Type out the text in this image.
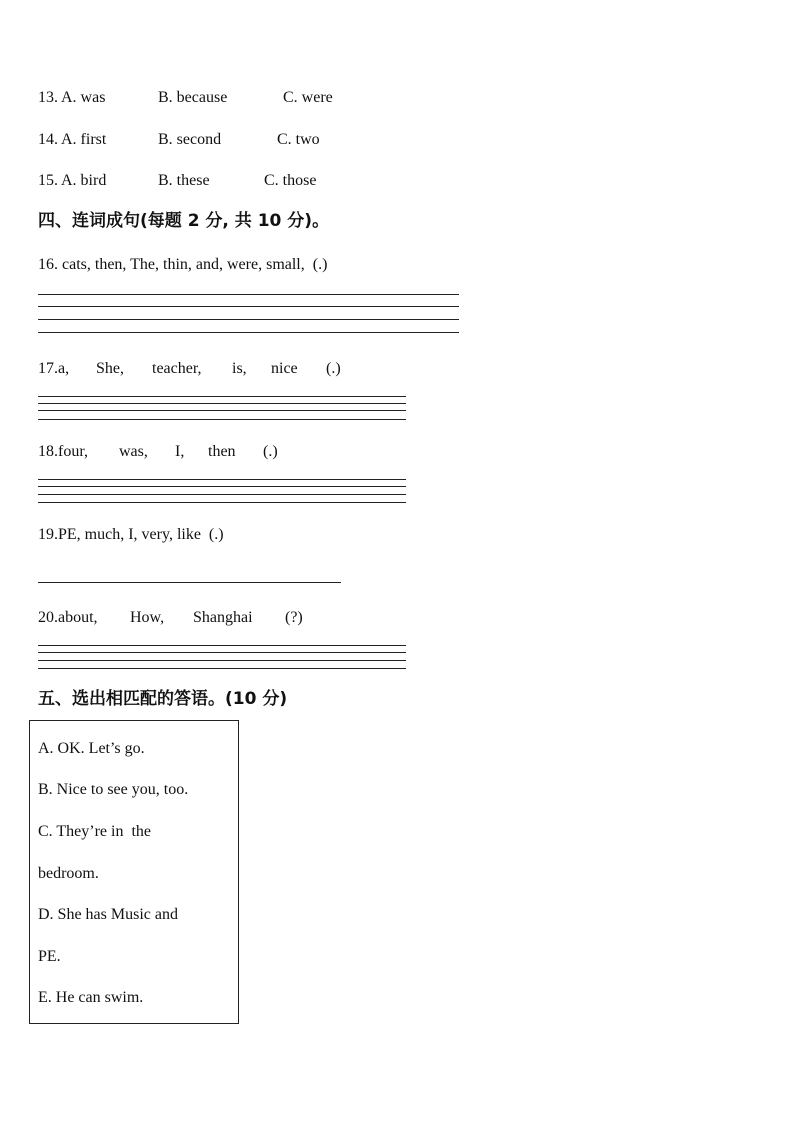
13. A. was	B. because	C. were
14. A. first	B. second	C. two
15. A. bird	B. these	C. those
四、连词成句(每题 2 分, 共 10 分)。
16. cats, then, The, thin, and, were, small,  (.)
17.a, She, teacher, is, nice (.)
18.four, was, I, then (.)
19.PE, much, I, very, like  (.)
20.about, How, Shanghai (?)
五、选出相匹配的答语。(10 分)
A. OK. Let’s go.
B. Nice to see you, too.
C. They’re in  the
bedroom.
D. She has Music and
PE.
E. He can swim.
